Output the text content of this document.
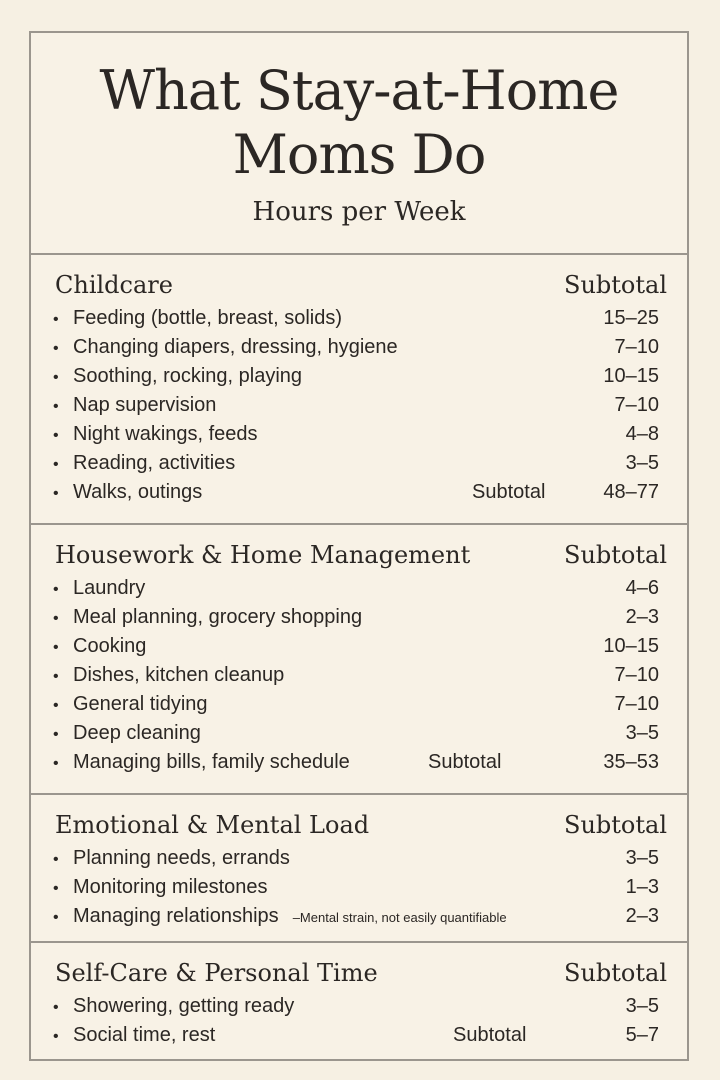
What Stay-at-Home
Moms Do
Hours per Week
Childcare	Subtotal
• Feeding (bottle, breast, solids)	15–25
• Changing diapers, dressing, hygiene	7–10
• Soothing, rocking, playing	10–15
• Nap supervision	7–10
• Night wakings, feeds	4–8
• Reading, activities	3–5
• Walks, outings	Subtotal	48–77
Housework & Home Management	Subtotal
• Laundry	4–6
• Meal planning, grocery shopping	2–3
• Cooking	10–15
• Dishes, kitchen cleanup	7–10
• General tidying	7–10
• Deep cleaning	3–5
• Managing bills, family schedule	Subtotal	35–53
Emotional & Mental Load	Subtotal
• Planning needs, errands	3–5
• Monitoring milestones	1–3
• Managing relationships –Mental strain, not easily quantifiable	2–3
Self-Care & Personal Time	Subtotal
• Showering, getting ready	3–5
• Social time, rest	Subtotal	5–7
